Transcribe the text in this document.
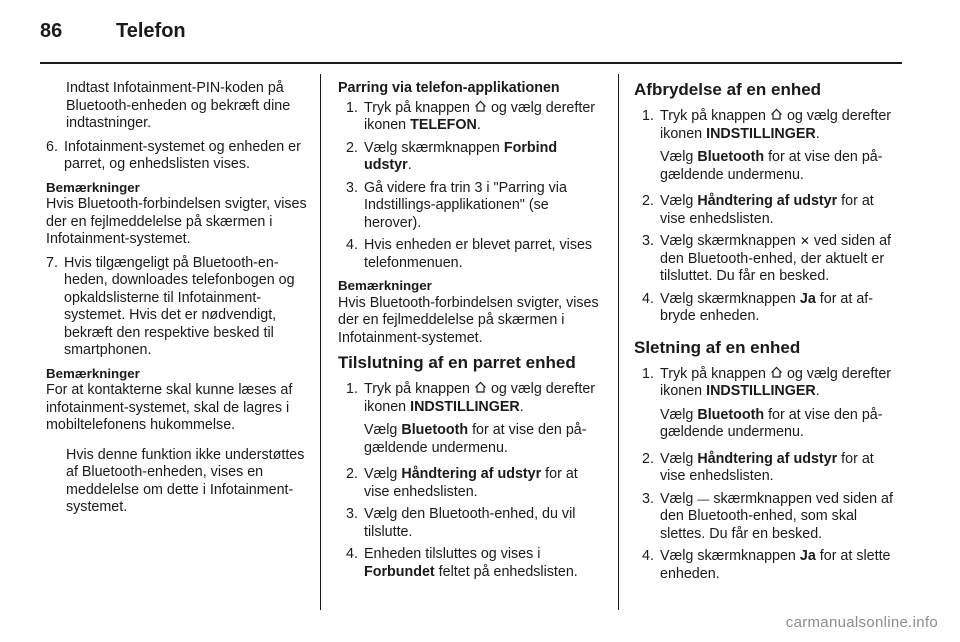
86	Telefon

Indtast Infotainment-PIN-koden på Bluetooth-enheden og bekræft dine indtastninger.

6. Infotainment-systemet og enheden er parret, og enhedslisten vises.

Bemærkninger

Hvis Bluetooth-forbindelsen svigter, vises der en fejlmeddelelse på skærmen i Infotainment-systemet.

7. Hvis tilgængeligt på Bluetooth-enheden, downloades telefonbogen og opkaldslisterne til Infotainment-systemet. Hvis det er nødvendigt, bekræft den respektive besked til smartphonen.

Bemærkninger

For at kontakterne skal kunne læses af infotainment-systemet, skal de lagres i mobiltelefonens hukommelse.

Hvis denne funktion ikke understøttes af Bluetooth-enheden, vises en meddelelse om dette i Infotainment-systemet.

Parring via telefon-applikationen

1. Tryk på knappen og vælg derefter ikonen TELEFON.
2. Vælg skærmknappen Forbind udstyr.
3. Gå videre fra trin 3 i "Parring via Indstillings-applikationen" (se herover).
4. Hvis enheden er blevet parret, vises telefonmenuen.

Bemærkninger

Hvis Bluetooth-forbindelsen svigter, vises der en fejlmeddelelse på skærmen i Infotainment-systemet.

Tilslutning af en parret enhed

1. Tryk på knappen og vælg derefter ikonen INDSTILLINGER.

Vælg Bluetooth for at vise den pågældende undermenu.

2. Vælg Håndtering af udstyr for at vise enhedslisten.
3. Vælg den Bluetooth-enhed, du vil tilslutte.
4. Enheden tilsluttes og vises i Forbundet feltet på enhedslisten.

Afbrydelse af en enhed

1. Tryk på knappen og vælg derefter ikonen INDSTILLINGER.

Vælg Bluetooth for at vise den pågældende undermenu.

2. Vælg Håndtering af udstyr for at vise enhedslisten.
3. Vælg skærmknappen ✕ ved siden af den Bluetooth-enhed, der aktuelt er tilsluttet. Du får en besked.
4. Vælg skærmknappen Ja for at afbryde enheden.

Sletning af en enhed

1. Tryk på knappen og vælg derefter ikonen INDSTILLINGER.

Vælg Bluetooth for at vise den pågældende undermenu.

2. Vælg Håndtering af udstyr for at vise enhedslisten.
3. Vælg — skærmknappen ved siden af den Bluetooth-enhed, som skal slettes. Du får en besked.
4. Vælg skærmknappen Ja for at slette enheden.
carmanualsonline.info
